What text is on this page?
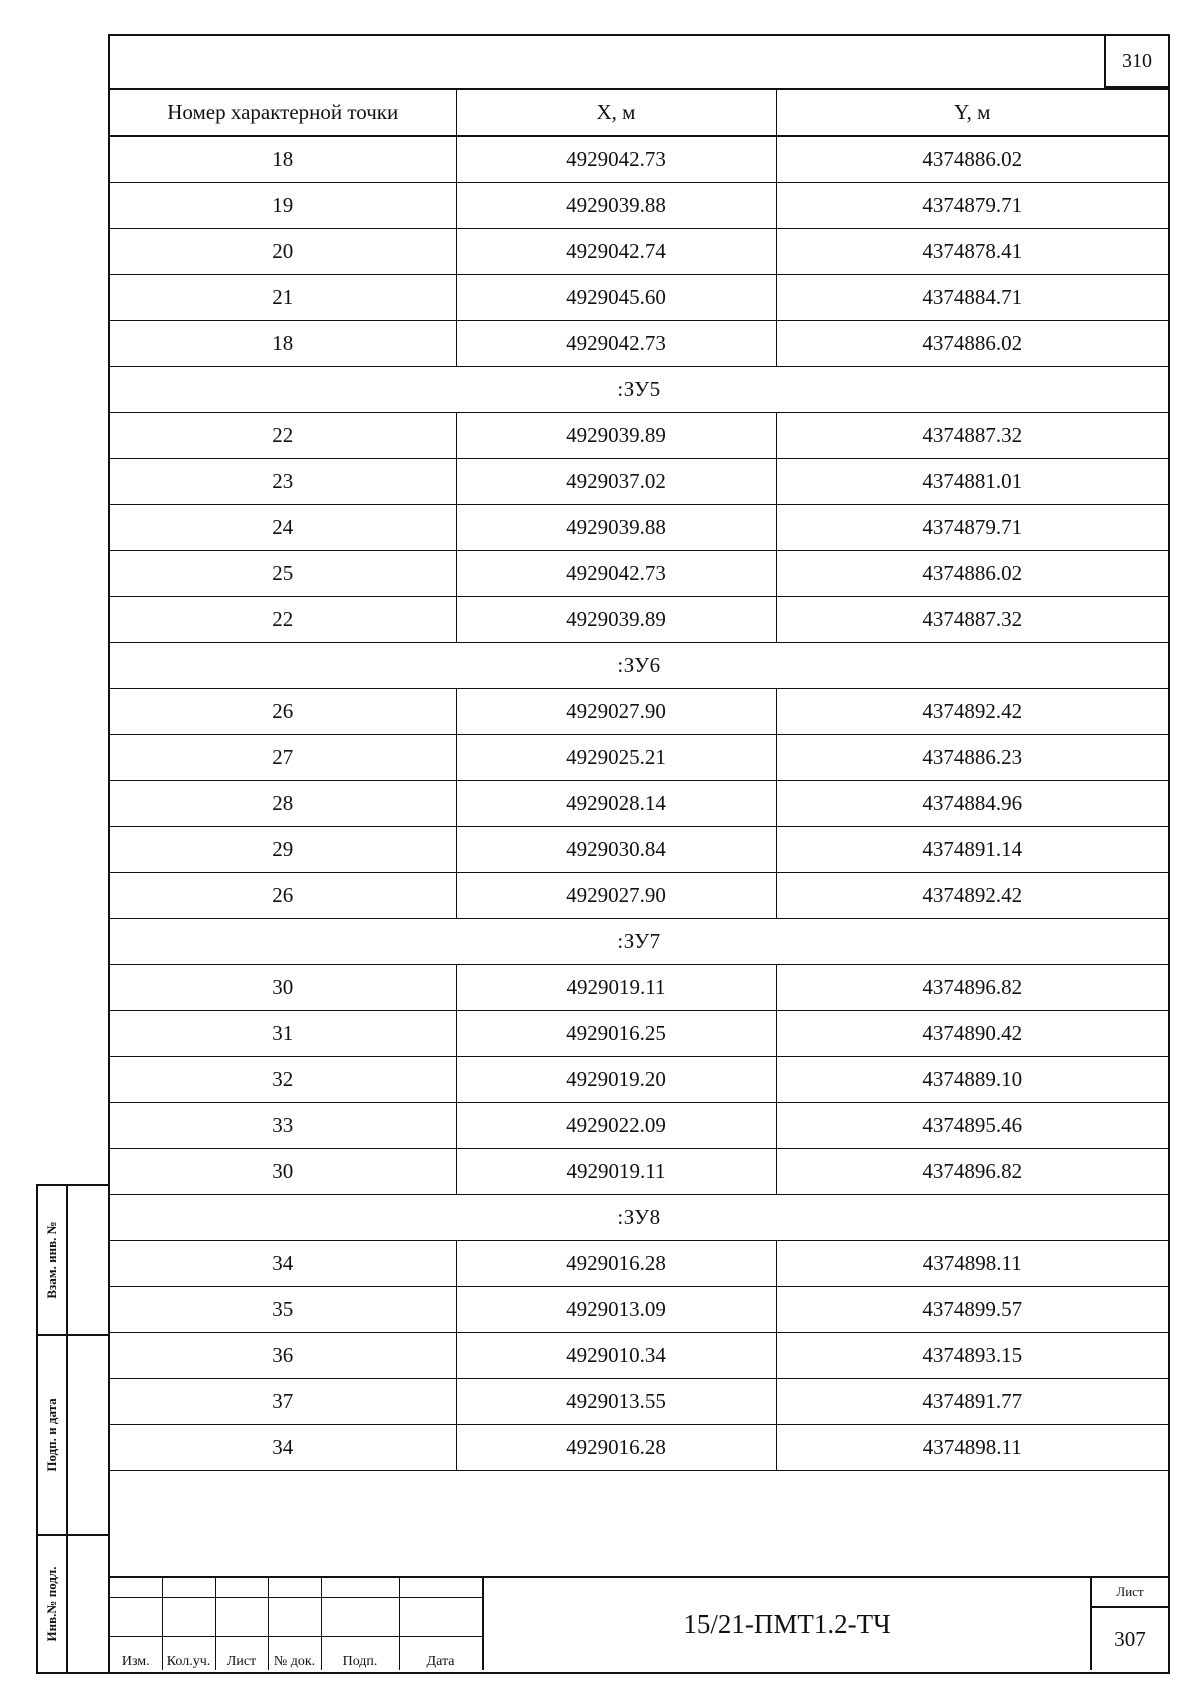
310
Номер характерной точки	X, м	Y, м
18	4929042.73	4374886.02
19	4929039.88	4374879.71
20	4929042.74	4374878.41
21	4929045.60	4374884.71
18	4929042.73	4374886.02
:ЗУ5		
22	4929039.89	4374887.32
23	4929037.02	4374881.01
24	4929039.88	4374879.71
25	4929042.73	4374886.02
22	4929039.89	4374887.32
:ЗУ6		
26	4929027.90	4374892.42
27	4929025.21	4374886.23
28	4929028.14	4374884.96
29	4929030.84	4374891.14
26	4929027.90	4374892.42
:ЗУ7		
30	4929019.11	4374896.82
31	4929016.25	4374890.42
32	4929019.20	4374889.10
33	4929022.09	4374895.46
30	4929019.11	4374896.82
:ЗУ8		
34	4929016.28	4374898.11
35	4929013.09	4374899.57
36	4929010.34	4374893.15
37	4929013.55	4374891.77
34	4929016.28	4374898.11

Изм.	Кол.уч.	Лист	№ док.	Подп.	Дата
15/21-ПМТ1.2-ТЧ
Лист
307
Взам. инв. №
Подп. и дата
Инв.№ подл.
